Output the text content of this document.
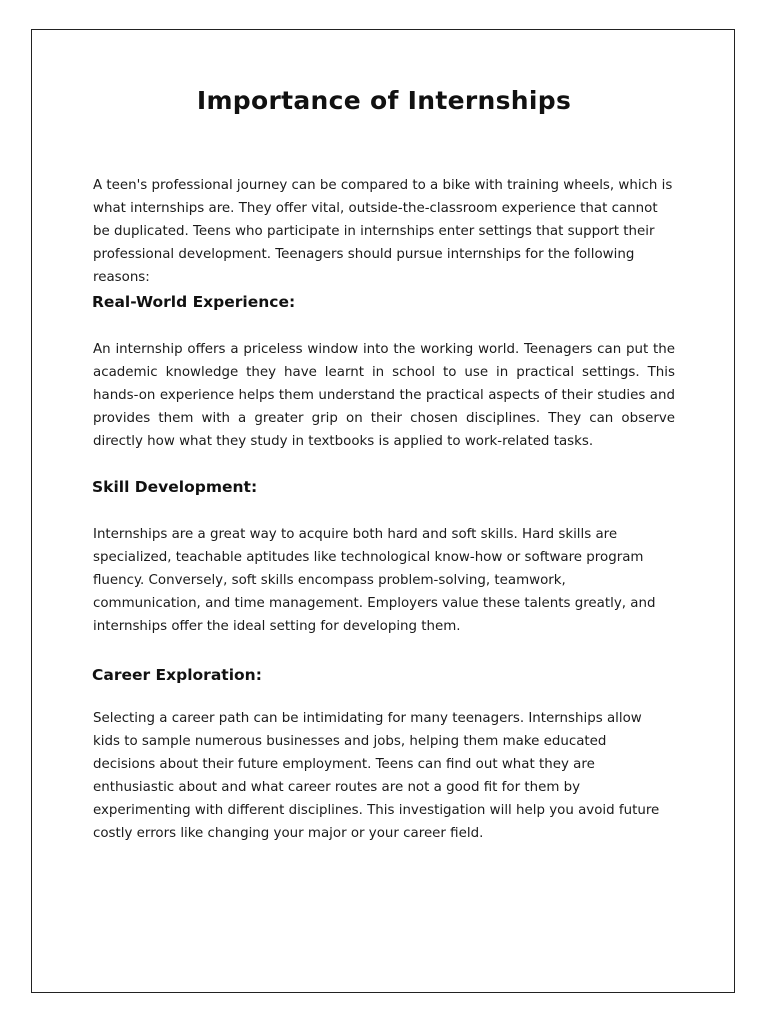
Importance of Internships

A teen's professional journey can be compared to a bike with training wheels, which is what internships are. They offer vital, outside-the-classroom experience that cannot be duplicated. Teens who participate in internships enter settings that support their professional development. Teenagers should pursue internships for the following reasons:

Real-World Experience:

An internship offers a priceless window into the working world. Teenagers can put the academic knowledge they have learnt in school to use in practical settings. This hands-on experience helps them understand the practical aspects of their studies and provides them with a greater grip on their chosen disciplines. They can observe directly how what they study in textbooks is applied to work-related tasks.

Skill Development:

Internships are a great way to acquire both hard and soft skills. Hard skills are specialized, teachable aptitudes like technological know-how or software program fluency. Conversely, soft skills encompass problem-solving, teamwork, communication, and time management. Employers value these talents greatly, and internships offer the ideal setting for developing them.

Career Exploration:

Selecting a career path can be intimidating for many teenagers. Internships allow kids to sample numerous businesses and jobs, helping them make educated decisions about their future employment. Teens can find out what they are enthusiastic about and what career routes are not a good fit for them by experimenting with different disciplines. This investigation will help you avoid future costly errors like changing your major or your career field.
